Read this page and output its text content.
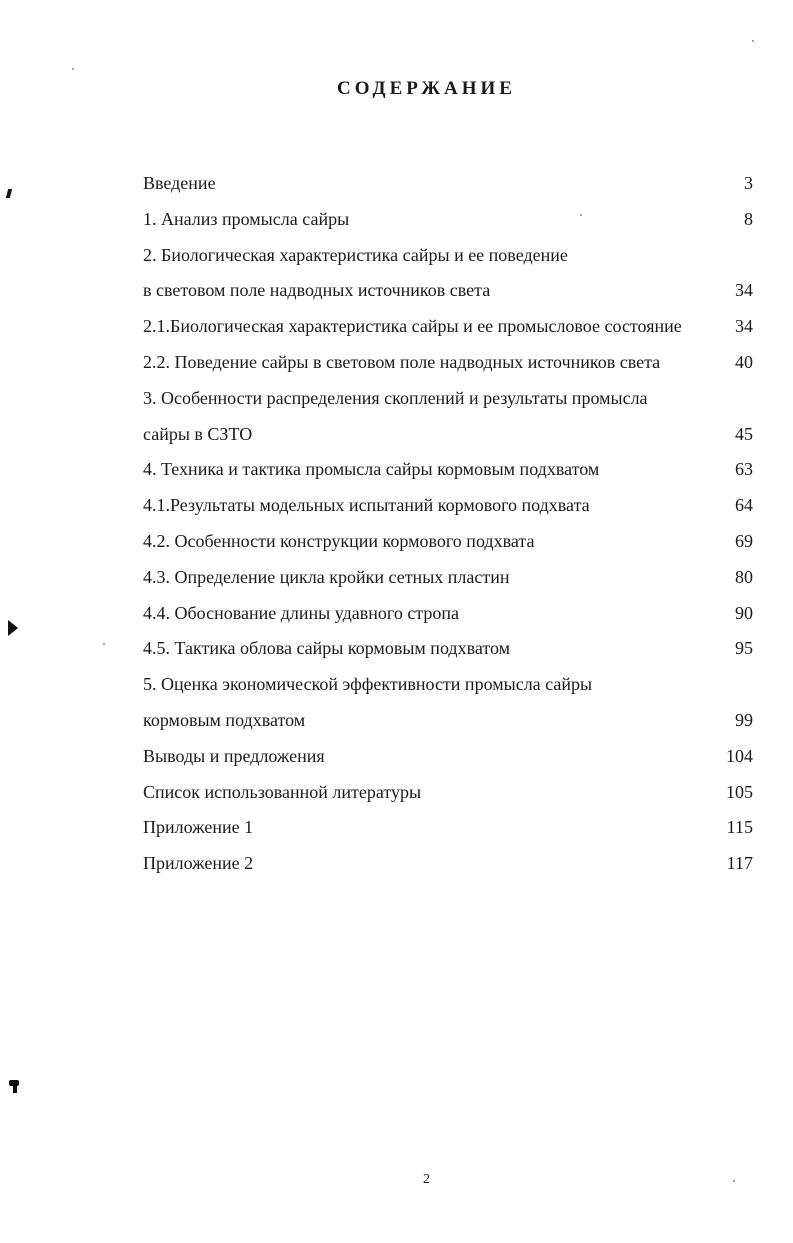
СОДЕРЖАНИЕ
Введение	3
1. Анализ промысла сайры	8
2. Биологическая характеристика сайры и ее поведение
в световом поле надводных источников света	34
2.1.Биологическая характеристика сайры и ее промысловое состояние	34
2.2. Поведение сайры в световом поле надводных источников света	40
3. Особенности распределения скоплений и результаты промысла
сайры в СЗТО	45
4. Техника и тактика промысла сайры кормовым подхватом	63
4.1.Результаты модельных испытаний кормового подхвата	64
4.2. Особенности конструкции кормового подхвата	69
4.3. Определение цикла кройки сетных пластин	80
4.4. Обоснование длины удавного стропа	90
4.5. Тактика облова сайры кормовым подхватом	95
5. Оценка экономической эффективности промысла сайры
кормовым подхватом	99
Выводы и предложения	104
Список использованной литературы	105
Приложение 1	115
Приложение 2	117
2
